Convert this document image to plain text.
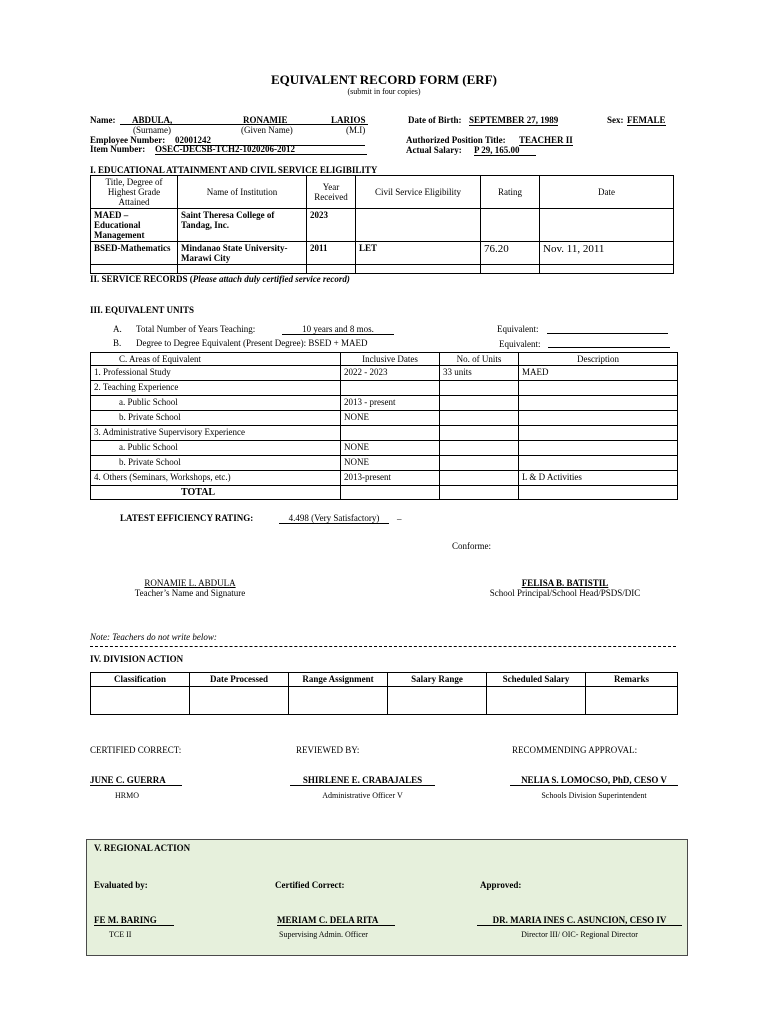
EQUIVALENT RECORD FORM (ERF)
(submit in four copies)
Name: ABDULA,	RONAMIE	LARIOS
(Surname)	(Given Name)	(M.I)
Date of Birth: SEPTEMBER 27, 1989	Sex: FEMALE
Employee Number: 02001242
Item Number: OSEC-DECSB-TCH2-1020206-2012
Authorized Position Title: TEACHER II
Actual Salary: P 29, 165.00
I. EDUCATIONAL ATTAINMENT AND CIVIL SERVICE ELIGIBILITY
Title, Degree of Highest Grade Attained	Name of Institution	Year Received	Civil Service Eligibility	Rating	Date
MAED – Educational Management	Saint Theresa College of Tandag, Inc.	2023			
BSED-Mathematics	Mindanao State University-Marawi City	2011	LET	76.20	Nov. 11, 2011

II. SERVICE RECORDS (Please attach duly certified service record)
III. EQUIVALENT UNITS
A. Total Number of Years Teaching:	10 years and 8 mos.	Equivalent:
B. Degree to Degree Equivalent (Present Degree): BSED + MAED	Equivalent:
C. Areas of Equivalent	Inclusive Dates	No. of Units	Description
1. Professional Study	2022 - 2023	33 units	MAED
2. Teaching Experience			
a. Public School	2013 - present		
b. Private School	NONE		
3. Administrative Supervisory Experience			
a. Public School	NONE		
b. Private School	NONE		
4. Others (Seminars, Workshops, etc.)	2013-present		L & D Activities
TOTAL			
LATEST EFFICIENCY RATING:	4.498 (Very Satisfactory)	_
Conforme:
RONAMIE L. ABDULA
Teacher’s Name and Signature
FELISA B. BATISTIL
School Principal/School Head/PSDS/DIC
Note: Teachers do not write below:
IV. DIVISION ACTION
Classification	Date Processed	Range Assignment	Salary Range	Scheduled Salary	Remarks

CERTIFIED CORRECT:	REVIEWED BY:	RECOMMENDING APPROVAL:
JUNE C. GUERRA
HRMO
SHIRLENE E. CRABAJALES
Administrative Officer V
NELIA S. LOMOCSO, PhD, CESO V
Schools Division Superintendent
V. REGIONAL ACTION
Evaluated by:	Certified Correct:	Approved:
FE M. BARING
TCE II
MERIAM C. DELA RITA
Supervising Admin. Officer
DR. MARIA INES C. ASUNCION, CESO IV
Director III/ OIC- Regional Director
